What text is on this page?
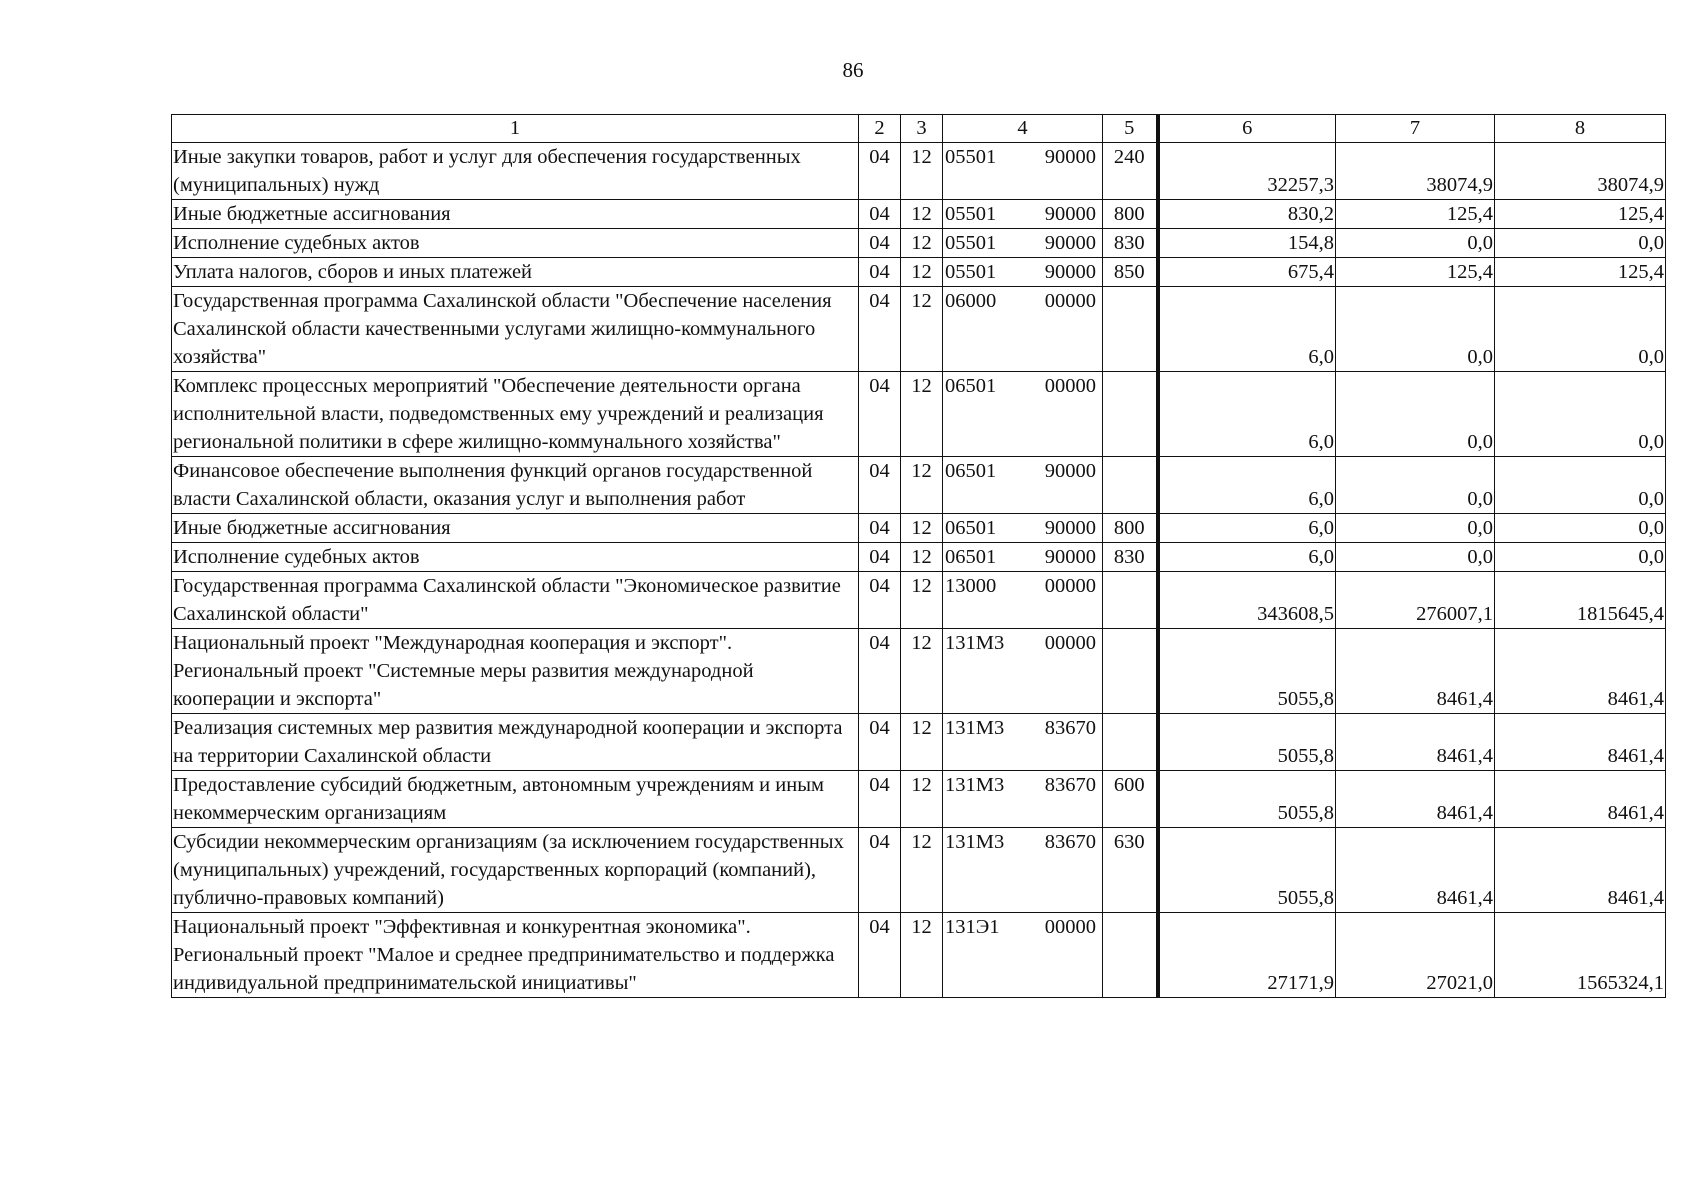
86
1	2	3	4	5	6	7	8
Иные закупки товаров, работ и услуг для обеспечения государственных (муниципальных) нужд	04	12	05501 90000	240	32257,3	38074,9	38074,9
Иные бюджетные ассигнования	04	12	05501 90000	800	830,2	125,4	125,4
Исполнение судебных актов	04	12	05501 90000	830	154,8	0,0	0,0
Уплата налогов, сборов и иных платежей	04	12	05501 90000	850	675,4	125,4	125,4
Государственная программа Сахалинской области "Обеспечение населения Сахалинской области качественными услугами жилищно-коммунального хозяйства"	04	12	06000 00000		6,0	0,0	0,0
Комплекс процессных мероприятий "Обеспечение деятельности органа исполнительной власти, подведомственных ему учреждений и реализация региональной политики в сфере жилищно-коммунального хозяйства"	04	12	06501 00000		6,0	0,0	0,0
Финансовое обеспечение выполнения функций органов государственной власти Сахалинской области, оказания услуг и выполнения работ	04	12	06501 90000		6,0	0,0	0,0
Иные бюджетные ассигнования	04	12	06501 90000	800	6,0	0,0	0,0
Исполнение судебных актов	04	12	06501 90000	830	6,0	0,0	0,0
Государственная программа Сахалинской области "Экономическое развитие Сахалинской области"	04	12	13000 00000		343608,5	276007,1	1815645,4
Национальный проект "Международная кооперация и экспорт". Региональный проект "Системные меры развития международной кооперации и экспорта"	04	12	131М3 00000		5055,8	8461,4	8461,4
Реализация системных мер развития международной кооперации и экспорта на территории Сахалинской области	04	12	131М3 83670		5055,8	8461,4	8461,4
Предоставление субсидий бюджетным, автономным учреждениям и иным некоммерческим организациям	04	12	131М3 83670	600	5055,8	8461,4	8461,4
Субсидии некоммерческим организациям (за исключением государственных (муниципальных) учреждений, государственных корпораций (компаний), публично-правовых компаний)	04	12	131М3 83670	630	5055,8	8461,4	8461,4
Национальный проект "Эффективная и конкурентная экономика". Региональный проект "Малое и среднее предпринимательство и поддержка индивидуальной предпринимательской инициативы"	04	12	131Э1 00000		27171,9	27021,0	1565324,1
